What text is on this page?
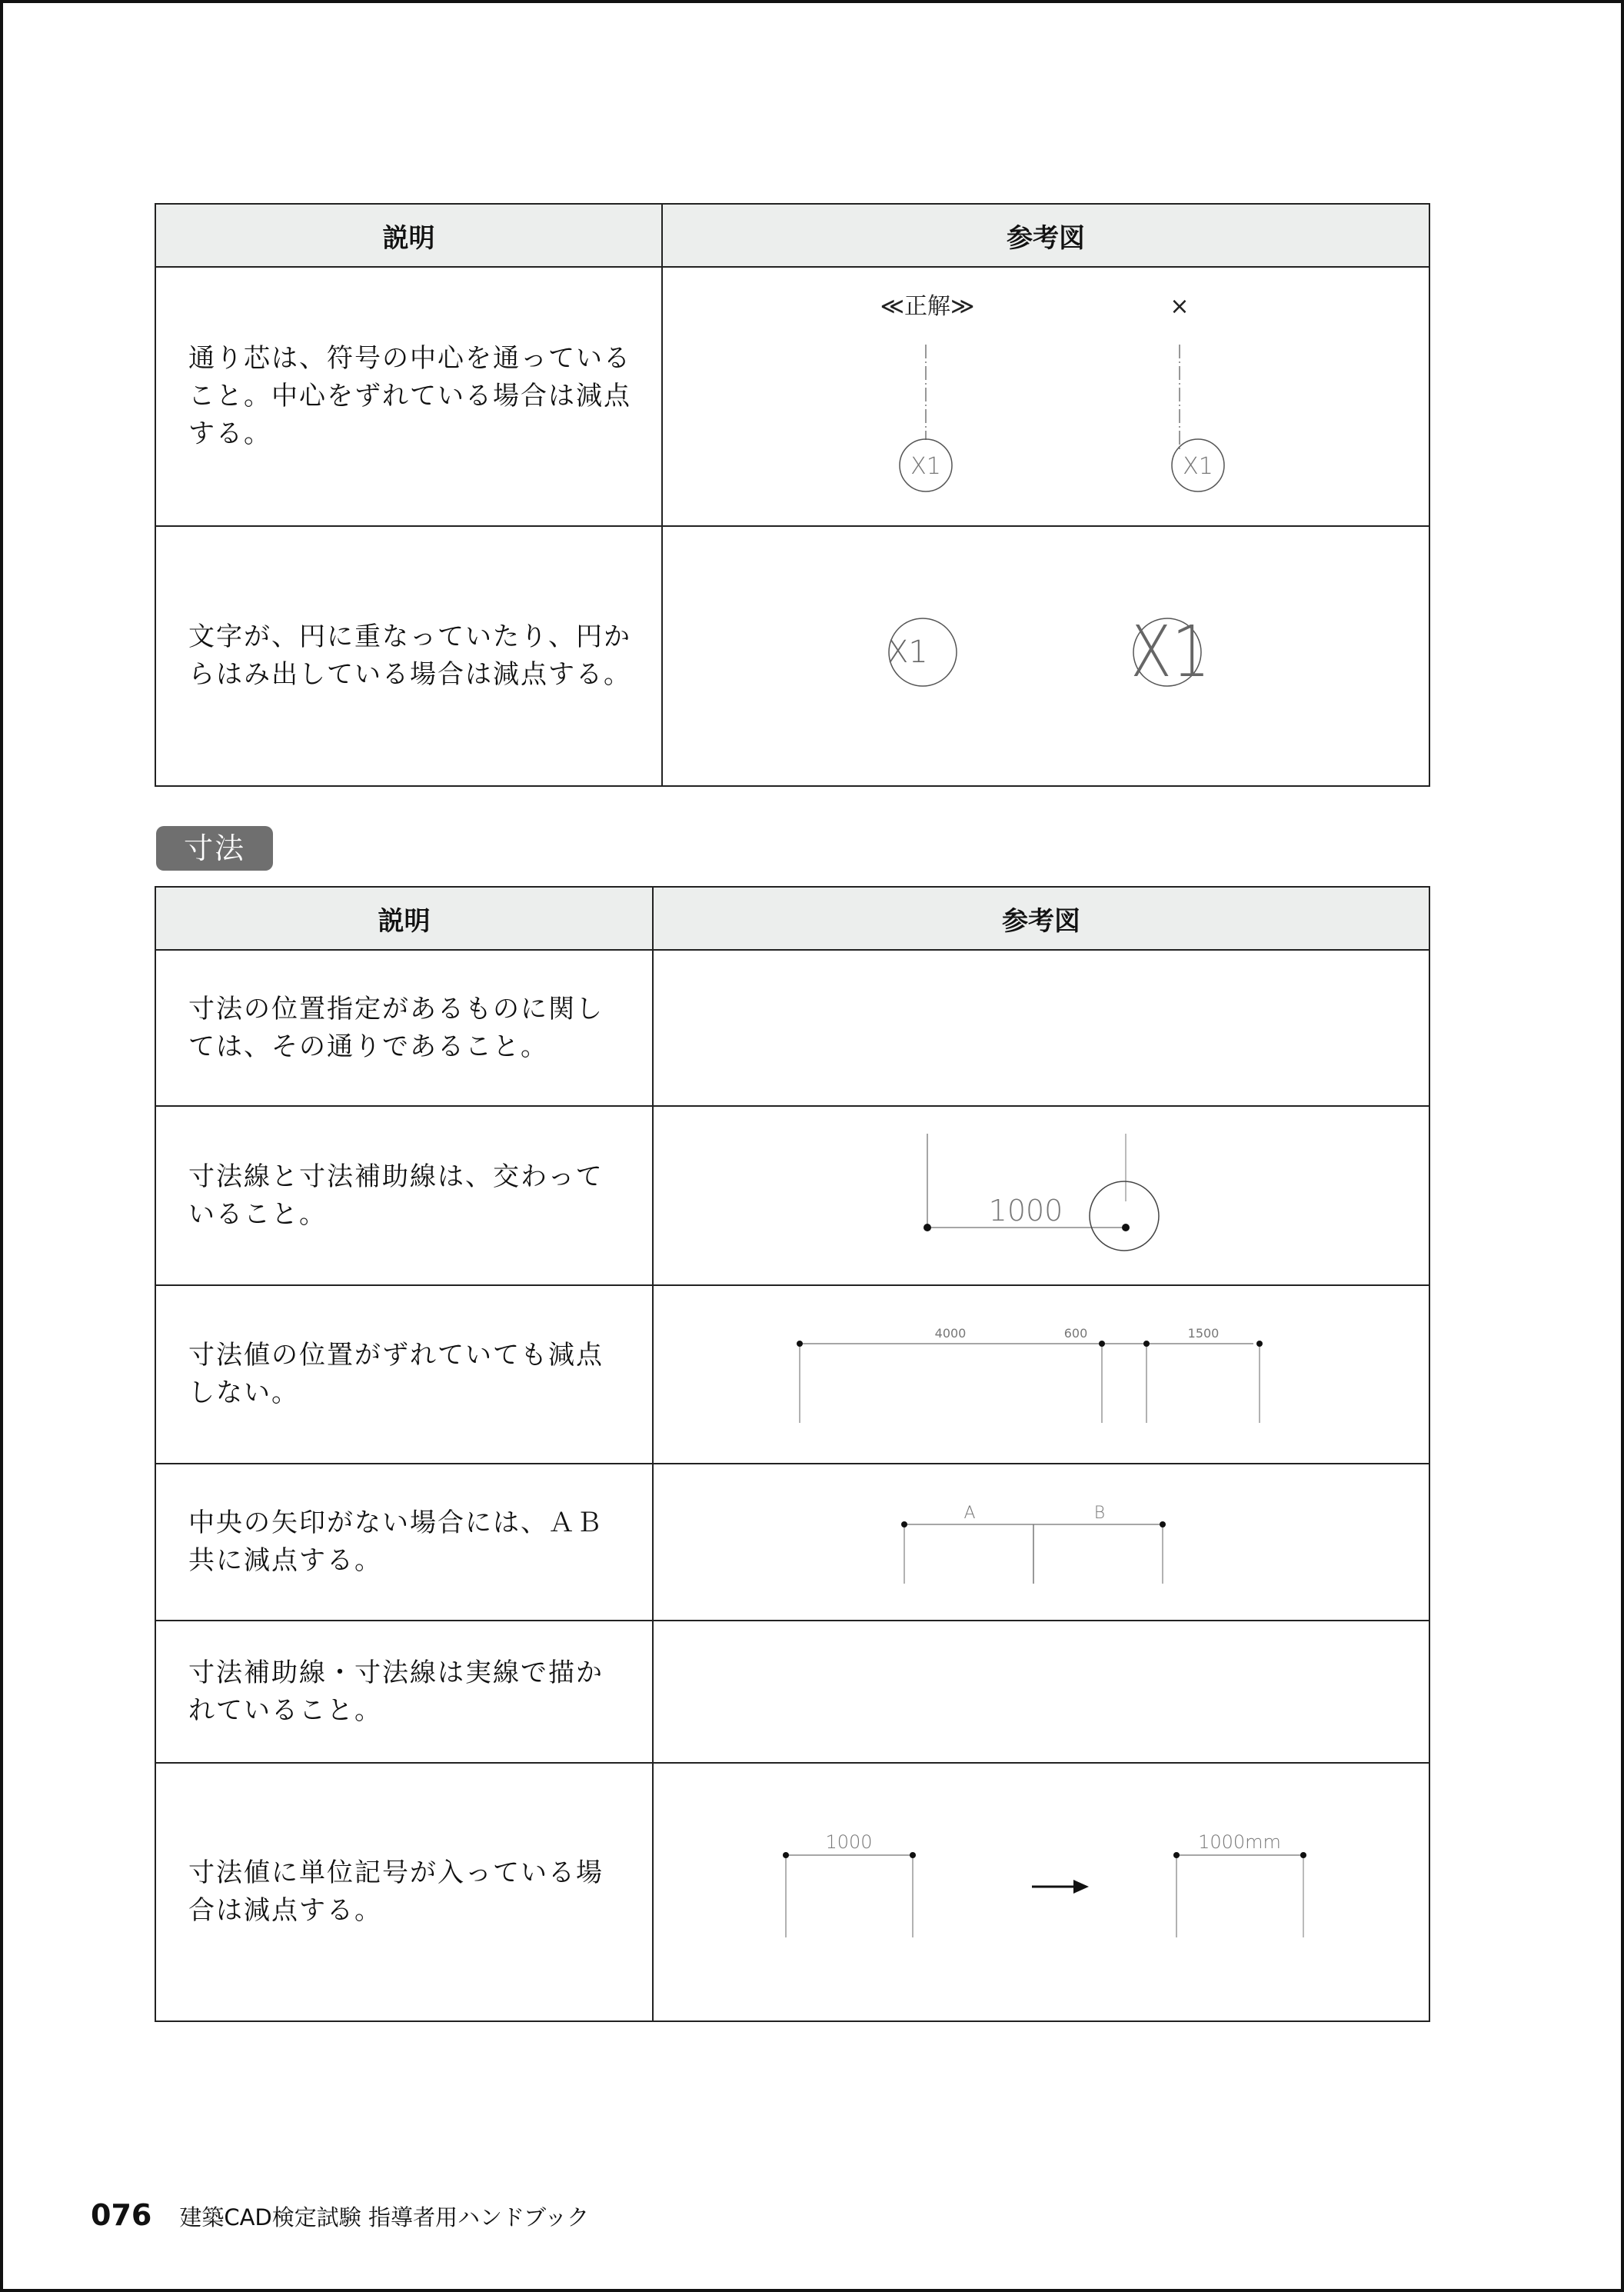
説明	参考図
通り芯は、符号の中心を通っていること。中心をずれている場合は減点する。	≪正解≫ ×
X1 X1

文字が、円に重なっていたり、円からはみ出している場合は減点する。	X1 X1
寸法
説明	参考図
寸法の位置指定があるものに関しては、その通りであること。	
寸法線と寸法補助線は、交わっていること。	1000

寸法値の位置がずれていても減点しない。	4000 600 1500

中央の矢印がない場合には、ＡＢ共に減点する。	A B

寸法補助線・寸法線は実線で描かれていること。	
寸法値に単位記号が入っている場合は減点する。	1000 1000mm
076 建築CAD検定試験 指導者用ハンドブック
